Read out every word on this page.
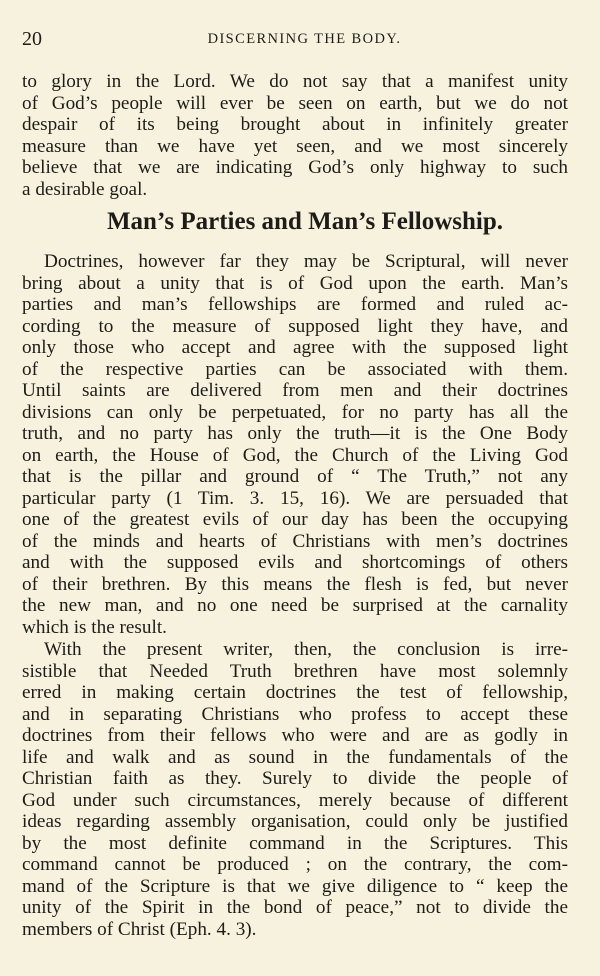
20	DISCERNING THE BODY.
to glory in the Lord. We do not say that a manifest unity
of God’s people will ever be seen on earth, but we do not
despair of its being brought about in infinitely greater
measure than we have yet seen, and we most sincerely
believe that we are indicating God’s only highway to such
a desirable goal.
Man’s Parties and Man’s Fellowship.
Doctrines, however far they may be Scriptural, will never
bring about a unity that is of God upon the earth. Man’s
parties and man’s fellowships are formed and ruled ac-
cording to the measure of supposed light they have, and
only those who accept and agree with the supposed light
of the respective parties can be associated with them.
Until saints are delivered from men and their doctrines
divisions can only be perpetuated, for no party has all the
truth, and no party has only the truth—it is the One Body
on earth, the House of God, the Church of the Living God
that is the pillar and ground of “ The Truth,” not any
particular party (1 Tim. 3. 15, 16). We are persuaded that
one of the greatest evils of our day has been the occupying
of the minds and hearts of Christians with men’s doctrines
and with the supposed evils and shortcomings of others
of their brethren. By this means the flesh is fed, but never
the new man, and no one need be surprised at the carnality
which is the result.
With the present writer, then, the conclusion is irre-
sistible that Needed Truth brethren have most solemnly
erred in making certain doctrines the test of fellowship,
and in separating Christians who profess to accept these
doctrines from their fellows who were and are as godly in
life and walk and as sound in the fundamentals of the
Christian faith as they. Surely to divide the people of
God under such circumstances, merely because of different
ideas regarding assembly organisation, could only be justified
by the most definite command in the Scriptures. This
command cannot be produced ; on the contrary, the com-
mand of the Scripture is that we give diligence to “ keep the
unity of the Spirit in the bond of peace,” not to divide the
members of Christ (Eph. 4. 3).
